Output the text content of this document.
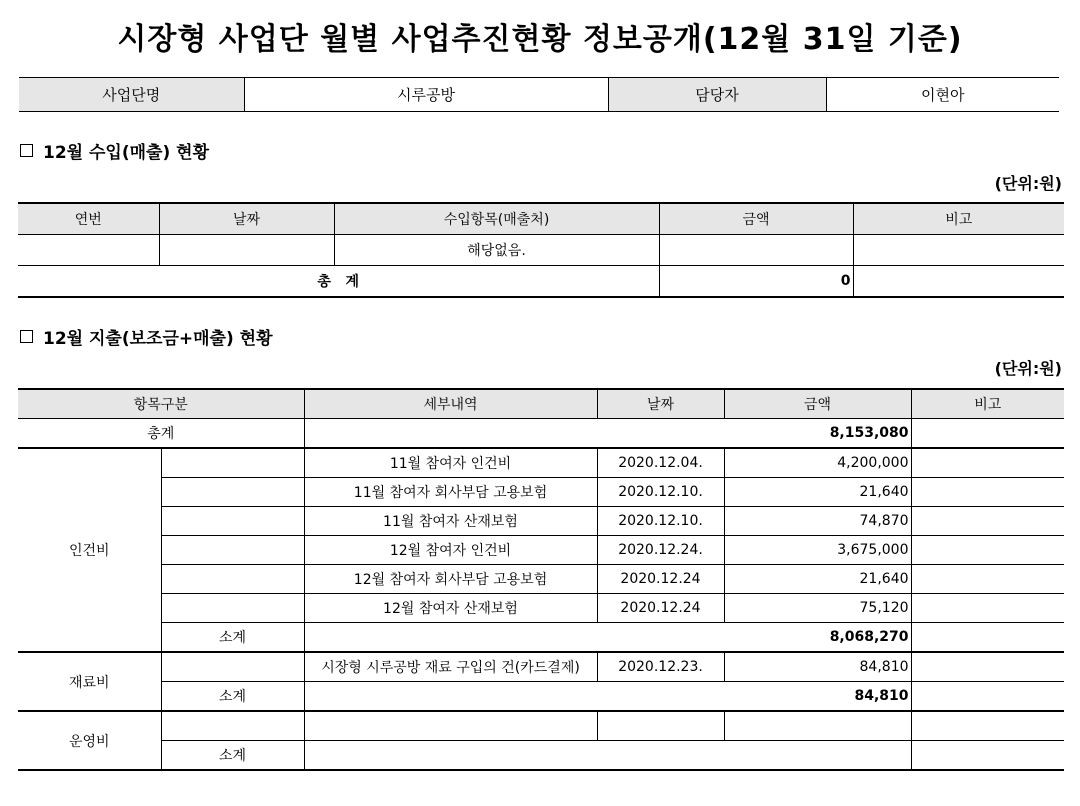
시장형 사업단 월별 사업추진현황 정보공개(12월 31일 기준)
사업단명	시루공방	담당자	이현아
12월 수입(매출) 현황
(단위:원)
연번	날짜	수입항목(매출처)	금액	비고
		해당없음.		
총   계			0	
12월 지출(보조금+매출) 현황
(단위:원)
항목구분		세부내역	날짜	금액	비고
총계		8,153,080			
인건비		11월 참여자 인건비	2020.12.04.	4,200,000	
		11월 참여자 회사부담 고용보험	2020.12.10.	21,640	
		11월 참여자 산재보험	2020.12.10.	74,870	
		12월 참여자 인건비	2020.12.24.	3,675,000	
		12월 참여자 회사부담 고용보험	2020.12.24	21,640	
		12월 참여자 산재보험	2020.12.24	75,120	
	소계	8,068,270			
재료비		시장형 시루공방 재료 구입의 건(카드결제)	2020.12.23.	84,810	
	소계	84,810			
운영비					
	소계				
